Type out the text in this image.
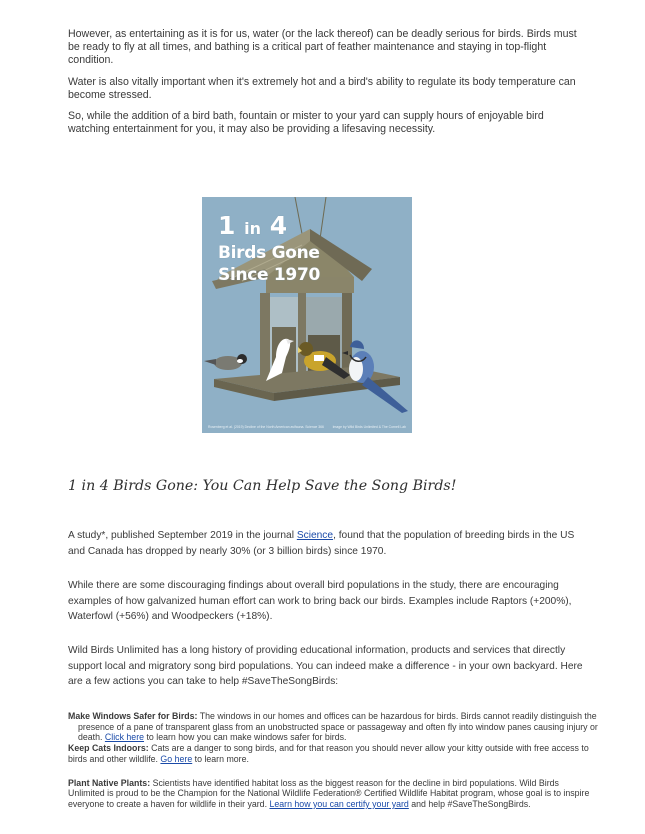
However, as entertaining as it is for us, water (or the lack thereof) can be deadly serious for birds. Birds must be ready to fly at all times, and bathing is a critical part of feather maintenance and staying in top-flight condition.

Water is also vitally important when it's extremely hot and a bird's ability to regulate its body temperature can become stressed.

So, while the addition of a bird bath, fountain or mister to your yard can supply hours of enjoyable bird watching entertainment for you, it may also be providing a lifesaving necessity.

1 in 4
Birds Gone
Since 1970
Rosenberg et al. (2019) Decline of the North American avifauna. Science 366	Image by Wild Birds Unlimited & The Cornell Lab
1 in 4 Birds Gone: You Can Help Save the Song Birds!

A study*, published September 2019 in the journal Science, found that the population of breeding birds in the US and Canada has dropped by nearly 30% (or 3 billion birds) since 1970.

While there are some discouraging findings about overall bird populations in the study, there are encouraging examples of how galvanized human effort can work to bring back our birds. Examples include Raptors (+200%), Waterfowl (+56%) and Woodpeckers (+18%).

Wild Birds Unlimited has a long history of providing educational information, products and services that directly support local and migratory song bird populations. You can indeed make a difference - in your own backyard. Here are a few actions you can take to help #SaveTheSongBirds:

Make Windows Safer for Birds: The windows in our homes and offices can be hazardous for birds. Birds cannot readily distinguish the presence of a pane of transparent glass from an unobstructed space or passageway and often fly into window panes causing injury or death. Click here to learn how you can make windows safer for birds.

Keep Cats Indoors: Cats are a danger to song birds, and for that reason you should never allow your kitty outside with free access to birds and other wildlife. Go here to learn more.

Plant Native Plants: Scientists have identified habitat loss as the biggest reason for the decline in bird populations. Wild Birds Unlimited is proud to be the Champion for the National Wildlife Federation® Certified Wildlife Habitat program, whose goal is to inspire everyone to create a haven for wildlife in their yard. Learn how you can certify your yard and help #SaveTheSongBirds.
